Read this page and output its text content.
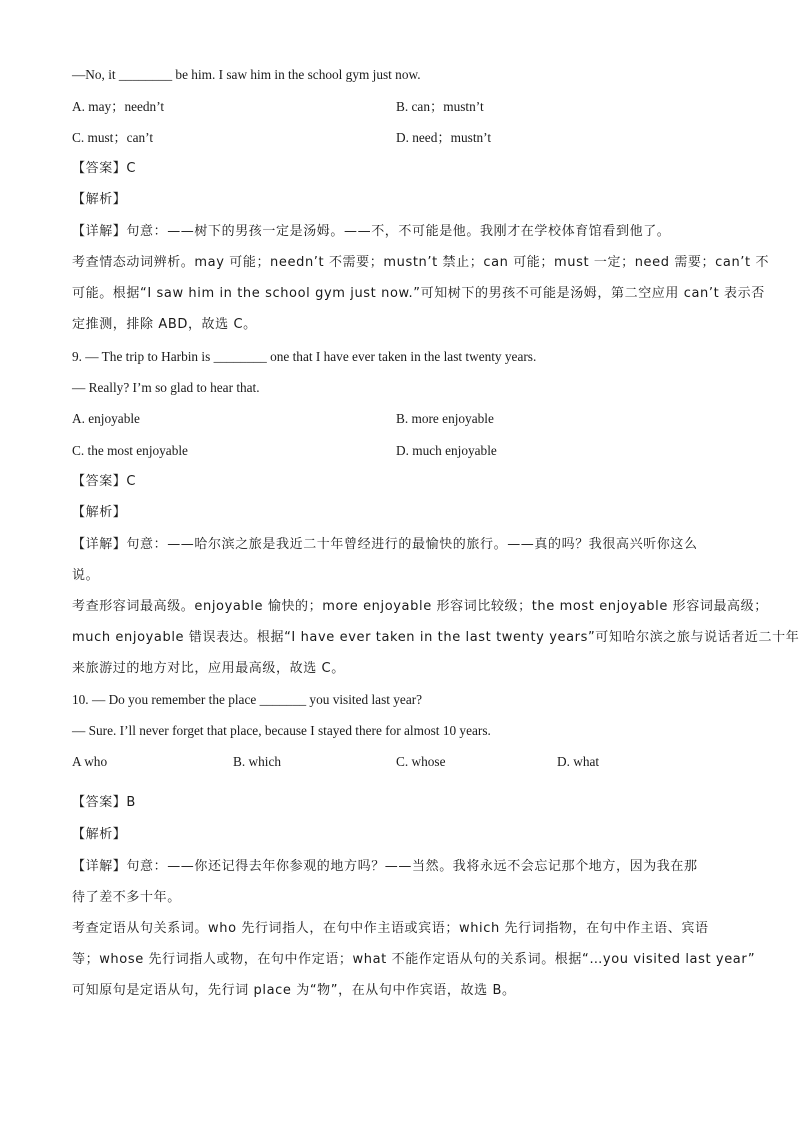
—No, it ________ be him. I saw him in the school gym just now.
A. may；needn’t	B. can；mustn’t
C. must；can’t	D. need；mustn’t
【答案】C
【解析】
【详解】句意：——树下的男孩一定是汤姆。——不，不可能是他。我刚才在学校体育馆看到他了。
考查情态动词辨析。may 可能；needn’t 不需要；mustn’t 禁止；can 可能；must 一定；need 需要；can’t 不
可能。根据“I saw him in the school gym just now.”可知树下的男孩不可能是汤姆，第二空应用 can’t 表示否
定推测，排除 ABD，故选 C。
9. — The trip to Harbin is ________ one that I have ever taken in the last twenty years.
— Really? I’m so glad to hear that.
A. enjoyable	B. more enjoyable
C. the most enjoyable	D. much enjoyable
【答案】C
【解析】
【详解】句意：——哈尔滨之旅是我近二十年曾经进行的最愉快的旅行。——真的吗？我很高兴听你这么
说。
考查形容词最高级。enjoyable 愉快的；more enjoyable 形容词比较级；the most enjoyable 形容词最高级；
much enjoyable 错误表达。根据“I have ever taken in the last twenty years”可知哈尔滨之旅与说话者近二十年
来旅游过的地方对比，应用最高级，故选 C。
10. — Do you remember the place _______ you visited last year?
— Sure. I’ll never forget that place, because I stayed there for almost 10 years.
A who	B. which	C. whose	D. what
【答案】B
【解析】
【详解】句意：——你还记得去年你参观的地方吗？——当然。我将永远不会忘记那个地方，因为我在那
待了差不多十年。
考查定语从句关系词。who 先行词指人，在句中作主语或宾语；which 先行词指物，在句中作主语、宾语
等；whose 先行词指人或物，在句中作定语；what 不能作定语从句的关系词。根据“…you visited last year”
可知原句是定语从句，先行词 place 为“物”，在从句中作宾语，故选 B。
